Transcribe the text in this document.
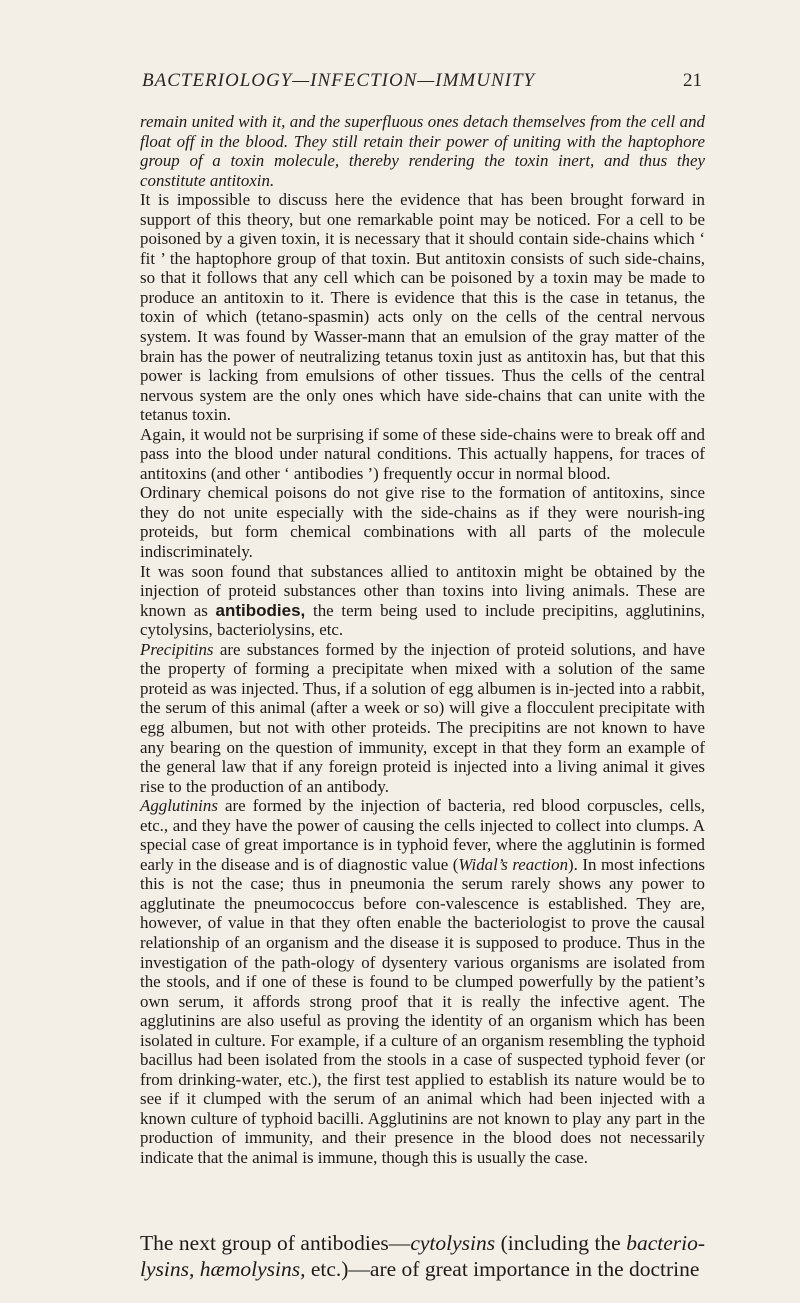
BACTERIOLOGY—INFECTION—IMMUNITY	21

remain united with it, and the superfluous ones detach themselves from the cell and float off in the blood. They still retain their power of uniting with the haptophore group of a toxin molecule, thereby rendering the toxin inert, and thus they constitute antitoxin.

It is impossible to discuss here the evidence that has been brought forward in support of this theory, but one remarkable point may be noticed. For a cell to be poisoned by a given toxin, it is necessary that it should contain side-chains which ‘ fit ’ the haptophore group of that toxin. But antitoxin consists of such side-chains, so that it follows that any cell which can be poisoned by a toxin may be made to produce an antitoxin to it. There is evidence that this is the case in tetanus, the toxin of which (tetano-spasmin) acts only on the cells of the central nervous system. It was found by Wasser-mann that an emulsion of the gray matter of the brain has the power of neutralizing tetanus toxin just as antitoxin has, but that this power is lacking from emulsions of other tissues. Thus the cells of the central nervous system are the only ones which have side-chains that can unite with the tetanus toxin.

Again, it would not be surprising if some of these side-chains were to break off and pass into the blood under natural conditions. This actually happens, for traces of antitoxins (and other ‘ antibodies ’) frequently occur in normal blood.

Ordinary chemical poisons do not give rise to the formation of antitoxins, since they do not unite especially with the side-chains as if they were nourish-ing proteids, but form chemical combinations with all parts of the molecule indiscriminately.

It was soon found that substances allied to antitoxin might be obtained by the injection of proteid substances other than toxins into living animals. These are known as antibodies, the term being used to include precipitins, agglutinins, cytolysins, bacteriolysins, etc.

Precipitins are substances formed by the injection of proteid solutions, and have the property of forming a precipitate when mixed with a solution of the same proteid as was injected. Thus, if a solution of egg albumen is in-jected into a rabbit, the serum of this animal (after a week or so) will give a flocculent precipitate with egg albumen, but not with other proteids. The precipitins are not known to have any bearing on the question of immunity, except in that they form an example of the general law that if any foreign proteid is injected into a living animal it gives rise to the production of an antibody.

Agglutinins are formed by the injection of bacteria, red blood corpuscles, cells, etc., and they have the power of causing the cells injected to collect into clumps. A special case of great importance is in typhoid fever, where the agglutinin is formed early in the disease and is of diagnostic value (Widal’s reaction). In most infections this is not the case; thus in pneumonia the serum rarely shows any power to agglutinate the pneumococcus before con-valescence is established. They are, however, of value in that they often enable the bacteriologist to prove the causal relationship of an organism and the disease it is supposed to produce. Thus in the investigation of the path-ology of dysentery various organisms are isolated from the stools, and if one of these is found to be clumped powerfully by the patient’s own serum, it affords strong proof that it is really the infective agent. The agglutinins are also useful as proving the identity of an organism which has been isolated in culture. For example, if a culture of an organism resembling the typhoid bacillus had been isolated from the stools in a case of suspected typhoid fever (or from drinking-water, etc.), the first test applied to establish its nature would be to see if it clumped with the serum of an animal which had been injected with a known culture of typhoid bacilli. Agglutinins are not known to play any part in the production of immunity, and their presence in the blood does not necessarily indicate that the animal is immune, though this is usually the case.

The next group of antibodies—cytolysins (including the bacterio-lysins, hæmolysins, etc.)—are of great importance in the doctrine
